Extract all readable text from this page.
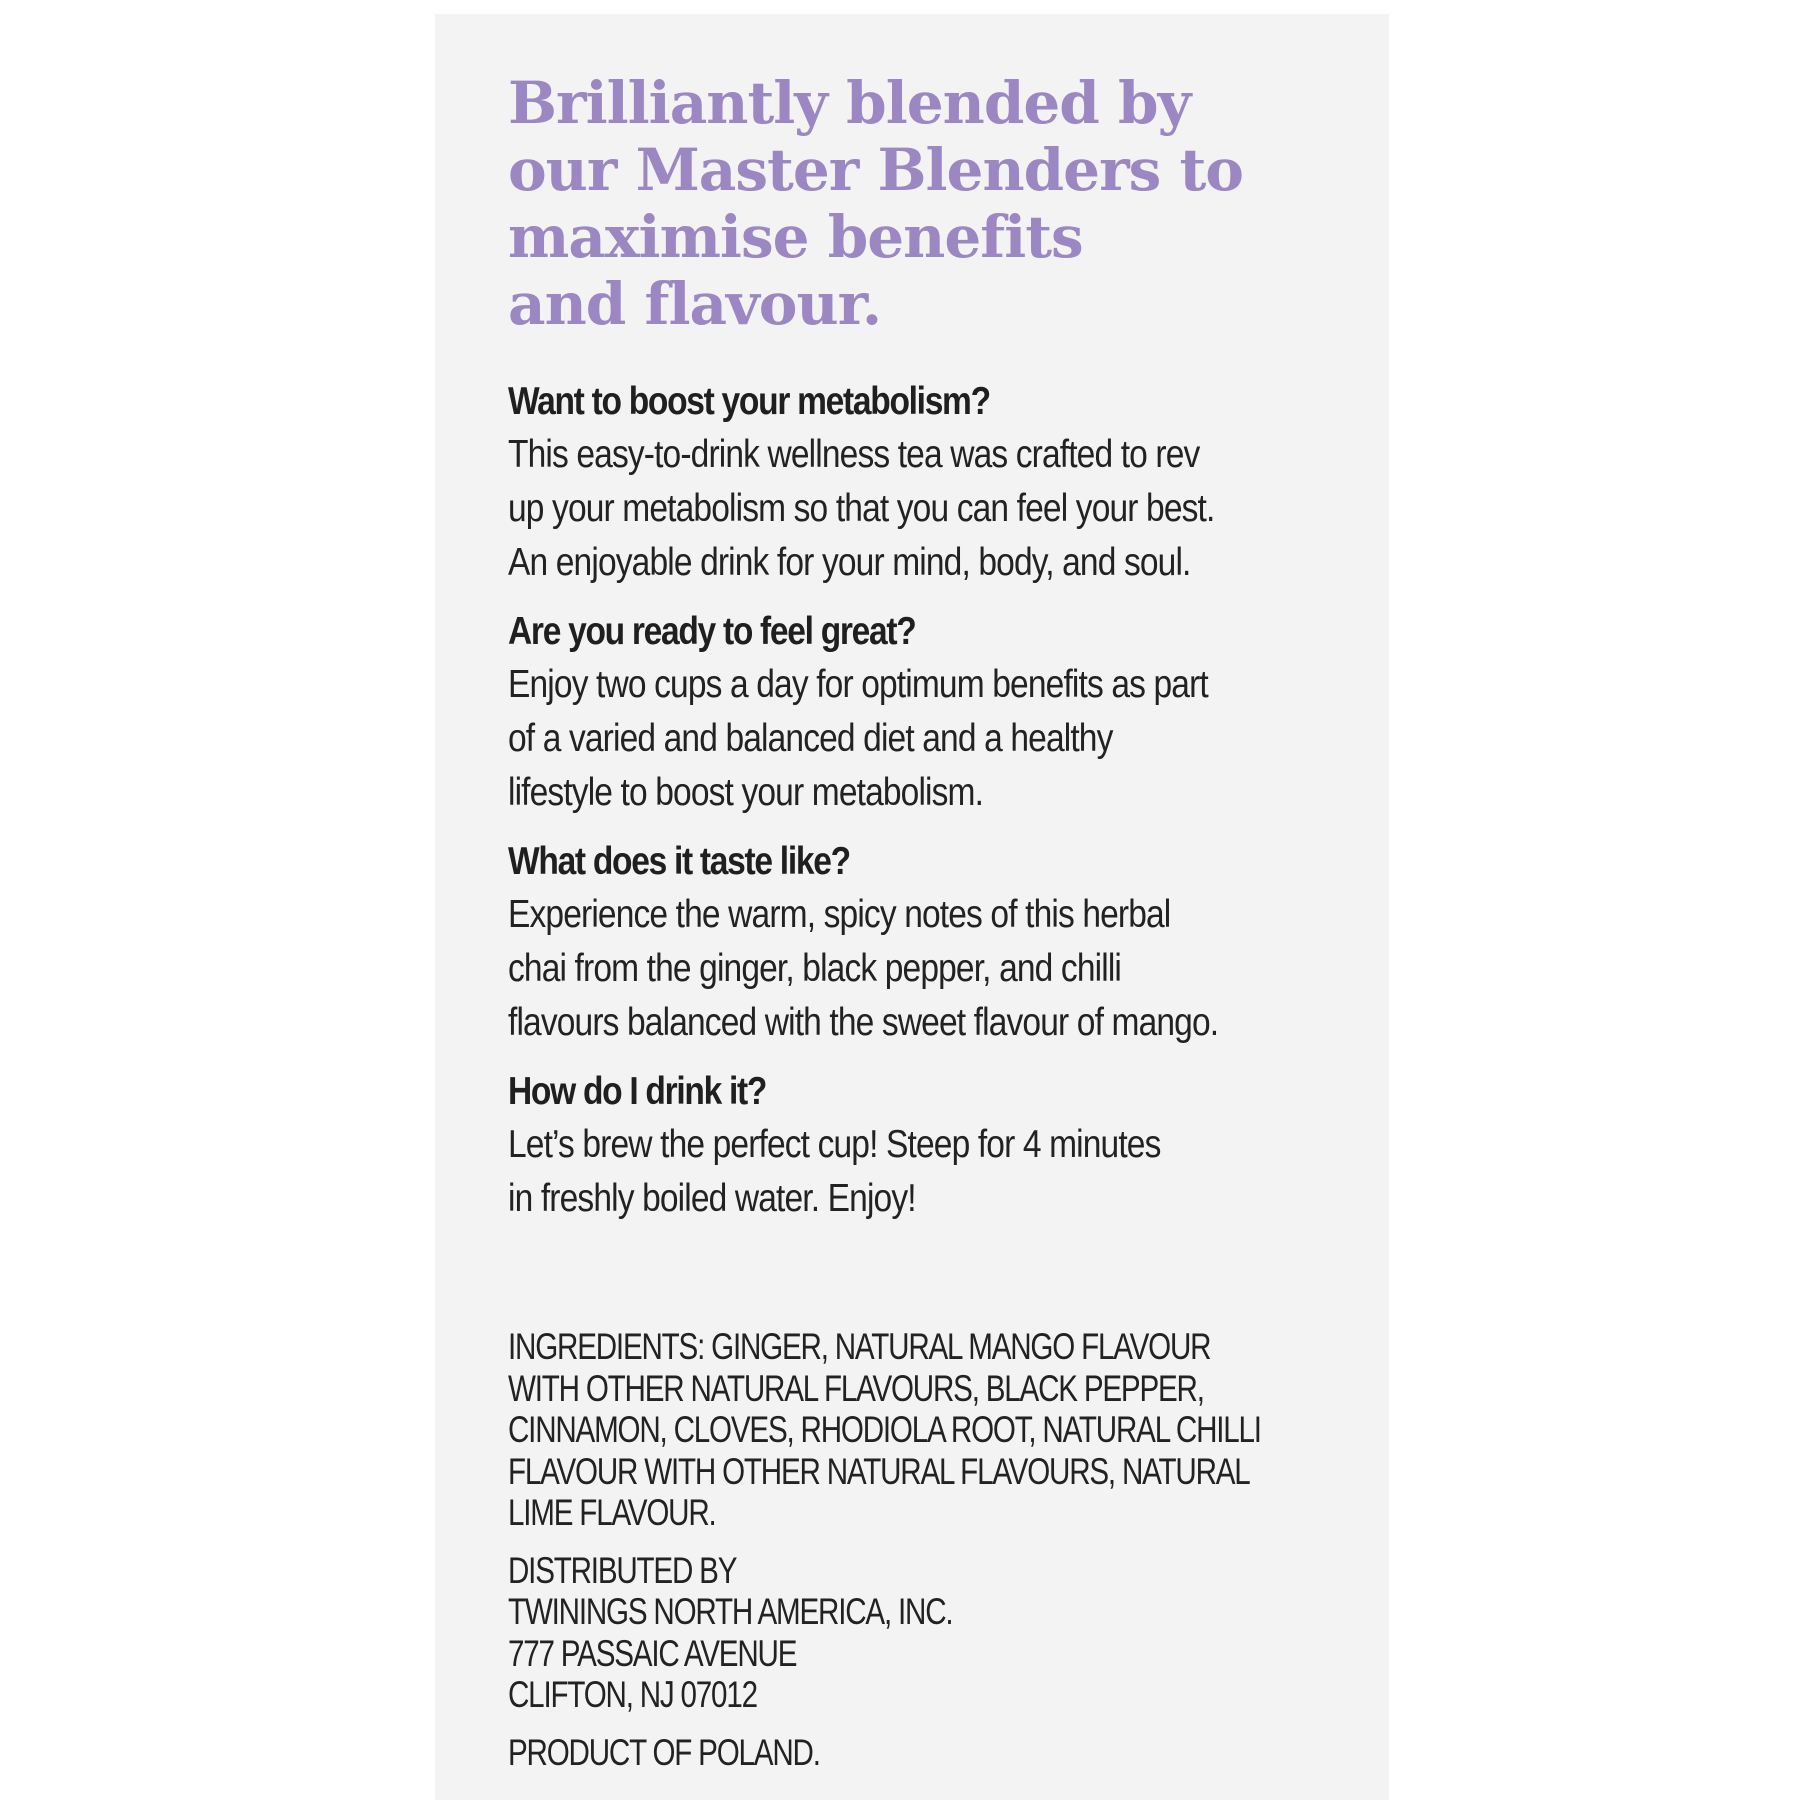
Brilliantly blended by
our Master Blenders to
maximise benefits
and flavour.
Want to boost your metabolism?
This easy-to-drink wellness tea was crafted to rev
up your metabolism so that you can feel your best.
An enjoyable drink for your mind, body, and soul.
Are you ready to feel great?
Enjoy two cups a day for optimum benefits as part
of a varied and balanced diet and a healthy
lifestyle to boost your metabolism.
What does it taste like?
Experience the warm, spicy notes of this herbal
chai from the ginger, black pepper, and chilli
flavours balanced with the sweet flavour of mango.
How do I drink it?
Let’s brew the perfect cup! Steep for 4 minutes
in freshly boiled water. Enjoy!
INGREDIENTS: GINGER, NATURAL MANGO FLAVOUR
WITH OTHER NATURAL FLAVOURS, BLACK PEPPER,
CINNAMON, CLOVES, RHODIOLA ROOT, NATURAL CHILLI
FLAVOUR WITH OTHER NATURAL FLAVOURS, NATURAL
LIME FLAVOUR.
DISTRIBUTED BY
TWININGS NORTH AMERICA, INC.
777 PASSAIC AVENUE
CLIFTON, NJ 07012
PRODUCT OF POLAND.
